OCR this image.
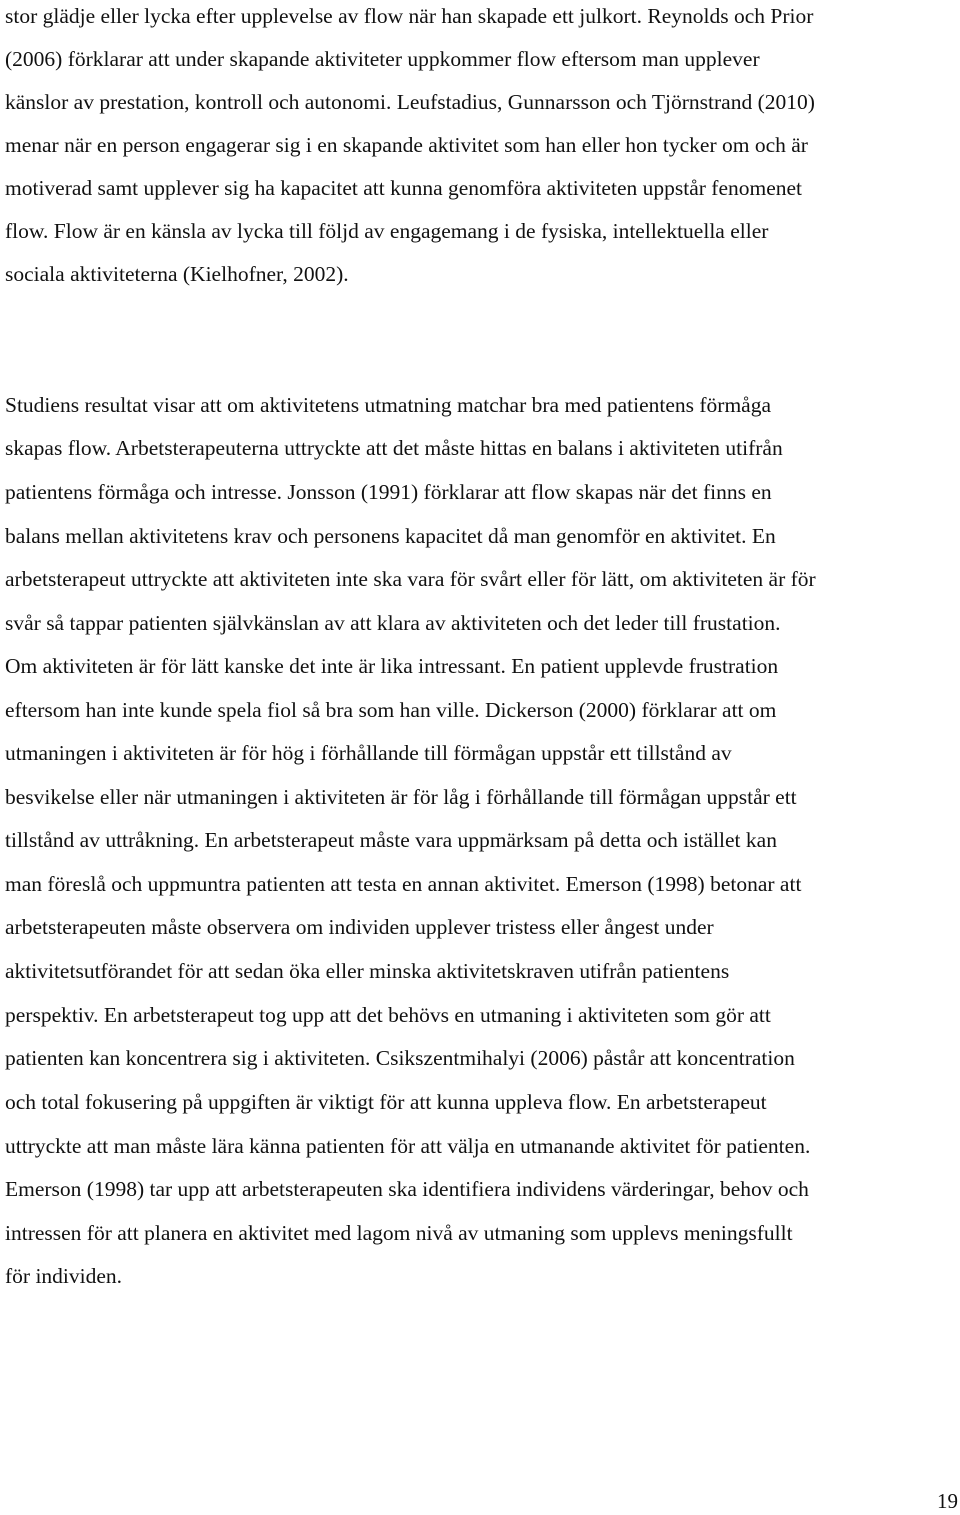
stor glädje eller lycka efter upplevelse av flow när han skapade ett julkort. Reynolds och Prior
(2006) förklarar att under skapande aktiviteter uppkommer flow eftersom man upplever
känslor av prestation, kontroll och autonomi. Leufstadius, Gunnarsson och Tjörnstrand (2010)
menar när en person engagerar sig i en skapande aktivitet som han eller hon tycker om och är
motiverad samt upplever sig ha kapacitet att kunna genomföra aktiviteten uppstår fenomenet
flow. Flow är en känsla av lycka till följd av engagemang i de fysiska, intellektuella eller
sociala aktiviteterna (Kielhofner, 2002).
Studiens resultat visar att om aktivitetens utmatning matchar bra med patientens förmåga
skapas flow. Arbetsterapeuterna uttryckte att det måste hittas en balans i aktiviteten utifrån
patientens förmåga och intresse. Jonsson (1991) förklarar att flow skapas när det finns en
balans mellan aktivitetens krav och personens kapacitet då man genomför en aktivitet. En
arbetsterapeut uttryckte att aktiviteten inte ska vara för svårt eller för lätt, om aktiviteten är för
svår så tappar patienten självkänslan av att klara av aktiviteten och det leder till frustation.
Om aktiviteten är för lätt kanske det inte är lika intressant. En patient upplevde frustration
eftersom han inte kunde spela fiol så bra som han ville. Dickerson (2000) förklarar att om
utmaningen i aktiviteten är för hög i förhållande till förmågan uppstår ett tillstånd av
besvikelse eller när utmaningen i aktiviteten är för låg i förhållande till förmågan uppstår ett
tillstånd av uttråkning. En arbetsterapeut måste vara uppmärksam på detta och istället kan
man föreslå och uppmuntra patienten att testa en annan aktivitet. Emerson (1998) betonar att
arbetsterapeuten måste observera om individen upplever tristess eller ångest under
aktivitetsutförandet för att sedan öka eller minska aktivitetskraven utifrån patientens
perspektiv. En arbetsterapeut tog upp att det behövs en utmaning i aktiviteten som gör att
patienten kan koncentrera sig i aktiviteten. Csikszentmihalyi (2006) påstår att koncentration
och total fokusering på uppgiften är viktigt för att kunna uppleva flow. En arbetsterapeut
uttryckte att man måste lära känna patienten för att välja en utmanande aktivitet för patienten.
Emerson (1998) tar upp att arbetsterapeuten ska identifiera individens värderingar, behov och
intressen för att planera en aktivitet med lagom nivå av utmaning som upplevs meningsfullt
för individen.
19
